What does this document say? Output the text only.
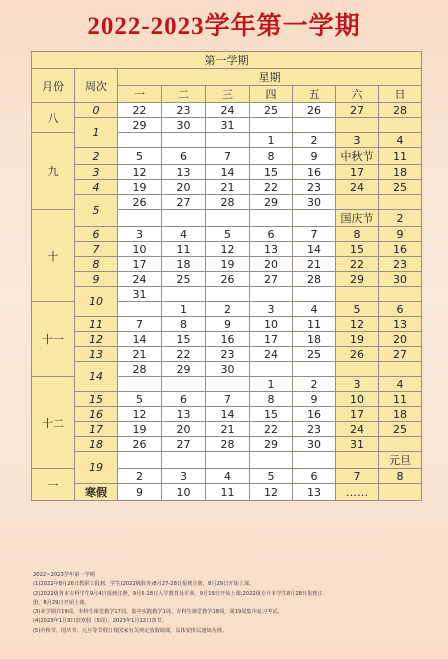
2022-2023学年第一学期
第一学期								
月份	周次	星期						
		一	二	三	四	五	六	日
八	0	22	23	24	25	26	27	28
	1	29	30	31				
九					1	2	3	4
	2	5	6	7	8	9	中秋节	11
	3	12	13	14	15	16	17	18
	4	19	20	21	22	23	24	25
	5	26	27	28	29	30		
十							国庆节	2
	6	3	4	5	6	7	8	9
	7	10	11	12	13	14	15	16
	8	17	18	19	20	21	22	23
	9	24	25	26	27	28	29	30
	10	31						
十一			1	2	3	4	5	6
	11	7	8	9	10	11	12	13
	12	14	15	16	17	18	19	20
	13	21	22	23	24	25	26	27
	14	28	29	30				
十二					1	2	3	4
	15	5	6	7	8	9	10	11
	16	12	13	14	15	16	17	18
	17	19	20	21	22	23	24	25
	18	26	27	28	29	30	31	
	19							元旦
一		2	3	4	5	6	7	8
	寒假	9	10	11	12	13	……	
2022~2023学年第一学期
(1)2022年8月26日教职工报到，学生(2022级除外)8月27-28日报到注册，8月29日开始上课。
(2)2022级各本专科学生9月4日报到注册，9月5-18日入学教育及军训，9月19日开始上课;2022级专升本学生8月28日报到注
册，8月29日开始上课。
(3)本学期共19周，本科生课堂教学17周，集中实践教学1周。专科生课堂教学18周，第19周集中复习考试。
(4)2023年1月9日放寒假（5周），2023年1月22日春节。
(5)中秋节、国庆节、元旦等节假日按国家有关规定放假调课，具体安排以通知为准。
